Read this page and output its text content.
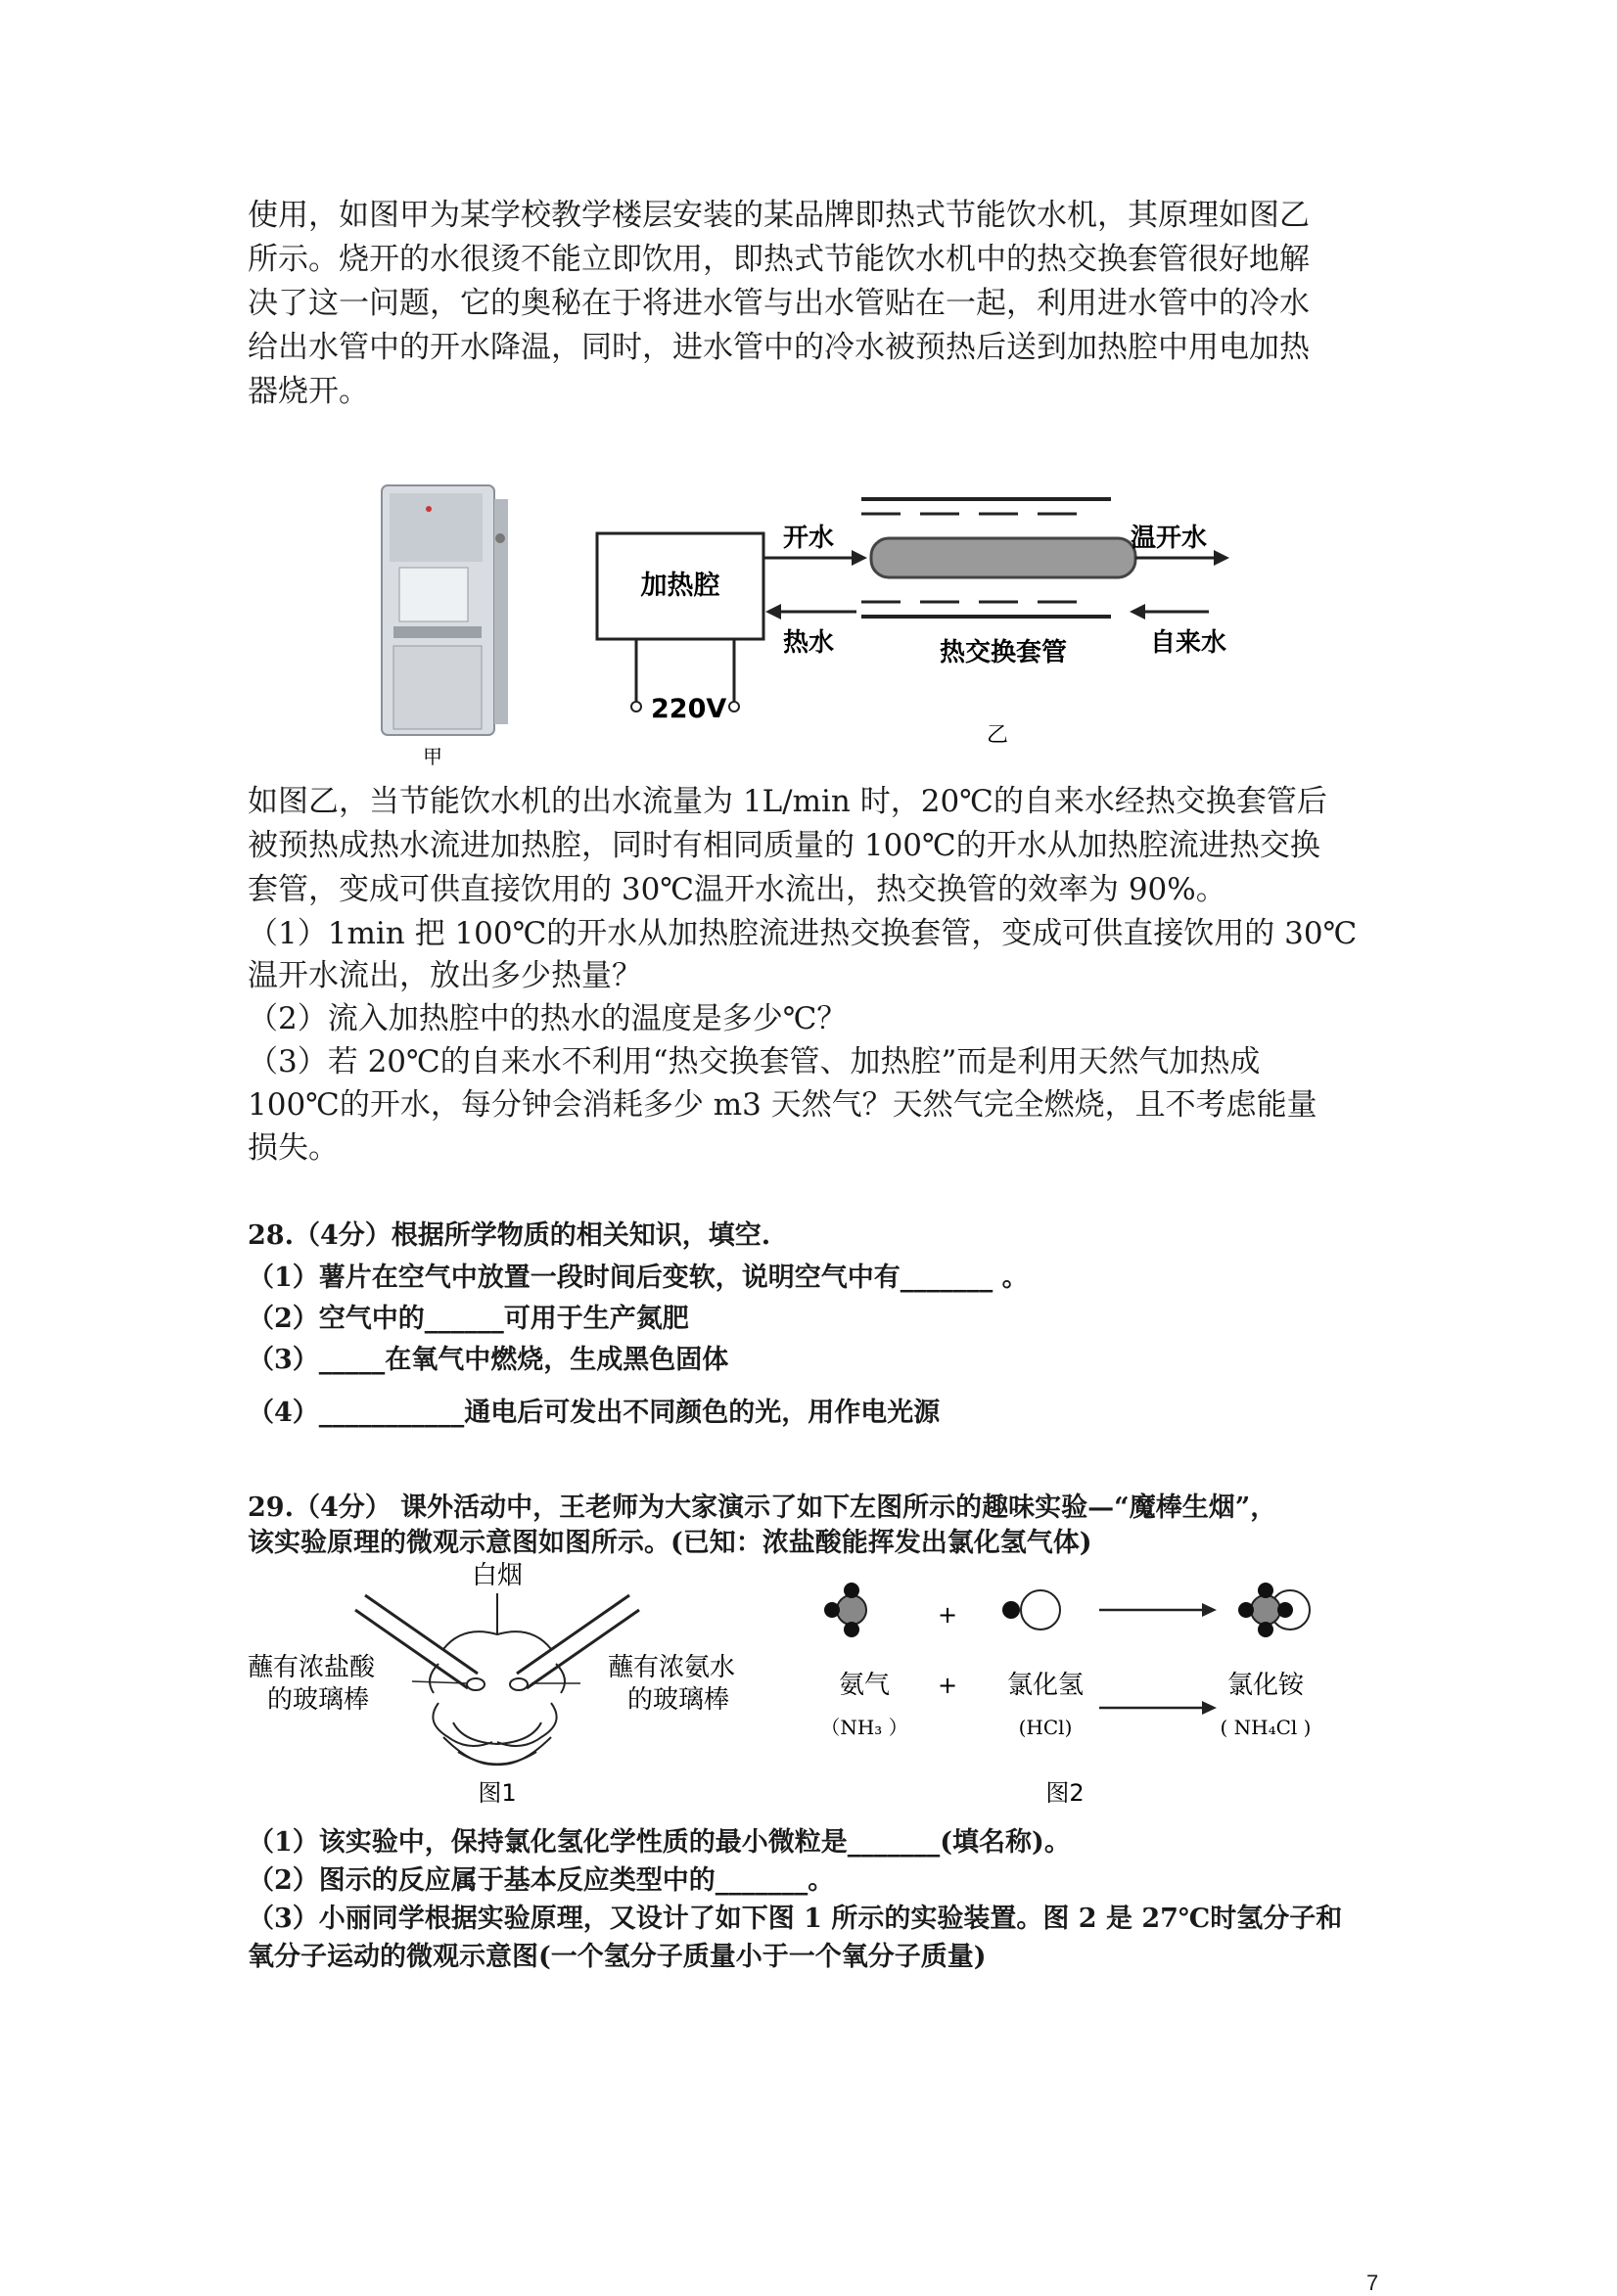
使用，如图甲为某学校教学楼层安装的某品牌即热式节能饮水机，其原理如图乙

所示。烧开的水很烫不能立即饮用，即热式节能饮水机中的热交换套管很好地解

决了这一问题，它的奥秘在于将进水管与出水管贴在一起，利用进水管中的冷水

给出水管中的开水降温，同时，进水管中的冷水被预热后送到加热腔中用电加热

器烧开。

甲
加热腔
220V
开水	温开水
热水	自来水
热交换套管
乙

如图乙，当节能饮水机的出水流量为 1L/min 时，20℃的自来水经热交换套管后

被预热成热水流进加热腔，同时有相同质量的 100℃的开水从加热腔流进热交换

套管，变成可供直接饮用的 30℃温开水流出，热交换管的效率为 90%。

（1）1min 把 100℃的开水从加热腔流进热交换套管，变成可供直接饮用的 30℃

温开水流出，放出多少热量？

（2）流入加热腔中的热水的温度是多少℃？

（3）若 20℃的自来水不利用“热交换套管、加热腔”而是利用天然气加热成

100℃的开水，每分钟会消耗多少 m3 天然气？天然气完全燃烧，且不考虑能量

损失。

28.（4分）根据所学物质的相关知识，填空.

（1）薯片在空气中放置一段时间后变软，说明空气中有_______ 。

（2）空气中的______可用于生产氮肥

（3）_____在氧气中燃烧，生成黑色固体

（4）___________通电后可发出不同颜色的光，用作电光源

29.（4分） 课外活动中，王老师为大家演示了如下左图所示的趣味实验—“魔棒生烟”，

该实验原理的微观示意图如图所示。(已知：浓盐酸能挥发出氯化氢气体)

白烟
蘸有浓盐酸
的玻璃棒
蘸有浓氨水
的玻璃棒
图1
+
氨气 + 氯化氢	氯化铵
（NH₃ ）	(HCl)	( NH₄Cl )
图2

（1）该实验中，保持氯化氢化学性质的最小微粒是_______(填名称)。

（2）图示的反应属于基本反应类型中的_______。

（3）小丽同学根据实验原理，又设计了如下图 1 所示的实验装置。图 2 是 27℃时氢分子和

氧分子运动的微观示意图(一个氢分子质量小于一个氧分子质量)

7
